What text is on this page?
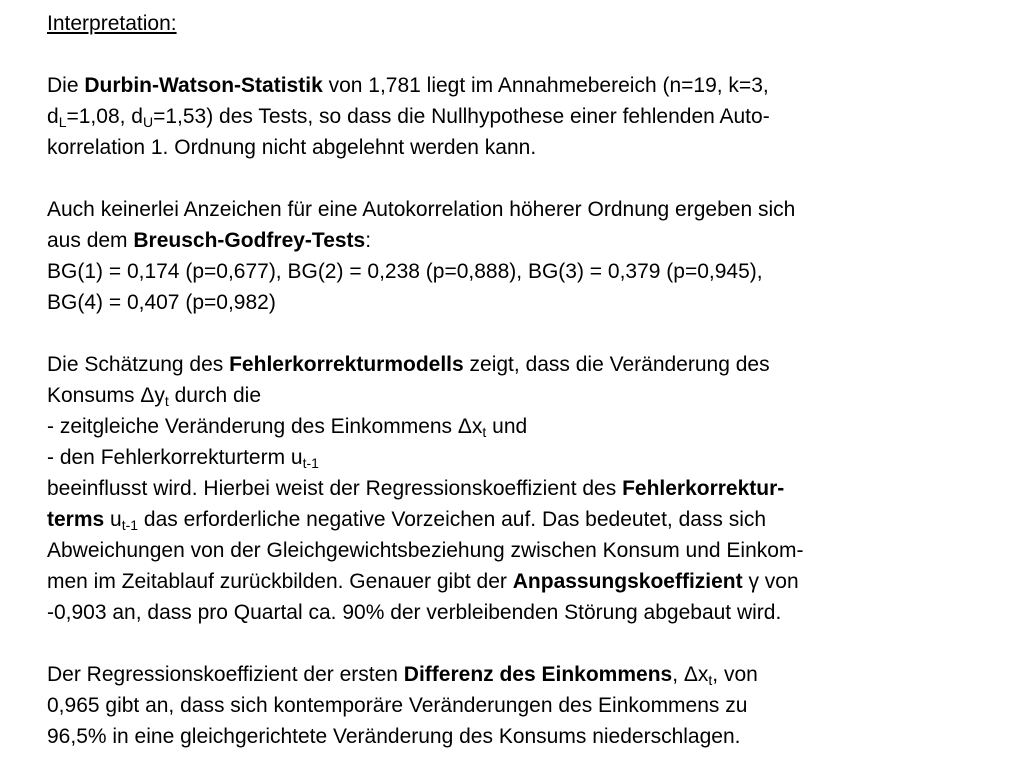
Interpretation:
Die Durbin-Watson-Statistik von 1,781 liegt im Annahmebereich (n=19, k=3,
$d_L=1,08$, $d_U=1,53$) des Tests, so dass die Nullhypothese einer fehlenden Auto-
korrelation 1. Ordnung nicht abgelehnt werden kann.
Auch keinerlei Anzeichen für eine Autokorrelation höherer Ordnung ergeben sich
aus dem Breusch-Godfrey-Tests:
BG(1) = 0,174 (p=0,677), BG(2) = 0,238 (p=0,888), BG(3) = 0,379 (p=0,945),
BG(4) = 0,407 (p=0,982)
Die Schätzung des Fehlerkorrekturmodells zeigt, dass die Veränderung des
Konsums $\Delta y_t$ durch die
- zeitgleiche Veränderung des Einkommens $\Delta x_t$ und
- den Fehlerkorrekturterm $u_{t-1}$
beeinflusst wird. Hierbei weist der Regressionskoeffizient des Fehlerkorrektur-
terms $u_{t-1}$ das erforderliche negative Vorzeichen auf. Das bedeutet, dass sich
Abweichungen von der Gleichgewichtsbeziehung zwischen Konsum und Einkom-
men im Zeitablauf zurückbilden. Genauer gibt der Anpassungskoeffizient γ von
-0,903 an, dass pro Quartal ca. 90% der verbleibenden Störung abgebaut wird.
Der Regressionskoeffizient der ersten Differenz des Einkommens, $\Delta x_t$, von
0,965 gibt an, dass sich kontemporäre Veränderungen des Einkommens zu
96,5% in eine gleichgerichtete Veränderung des Konsums niederschlagen.
